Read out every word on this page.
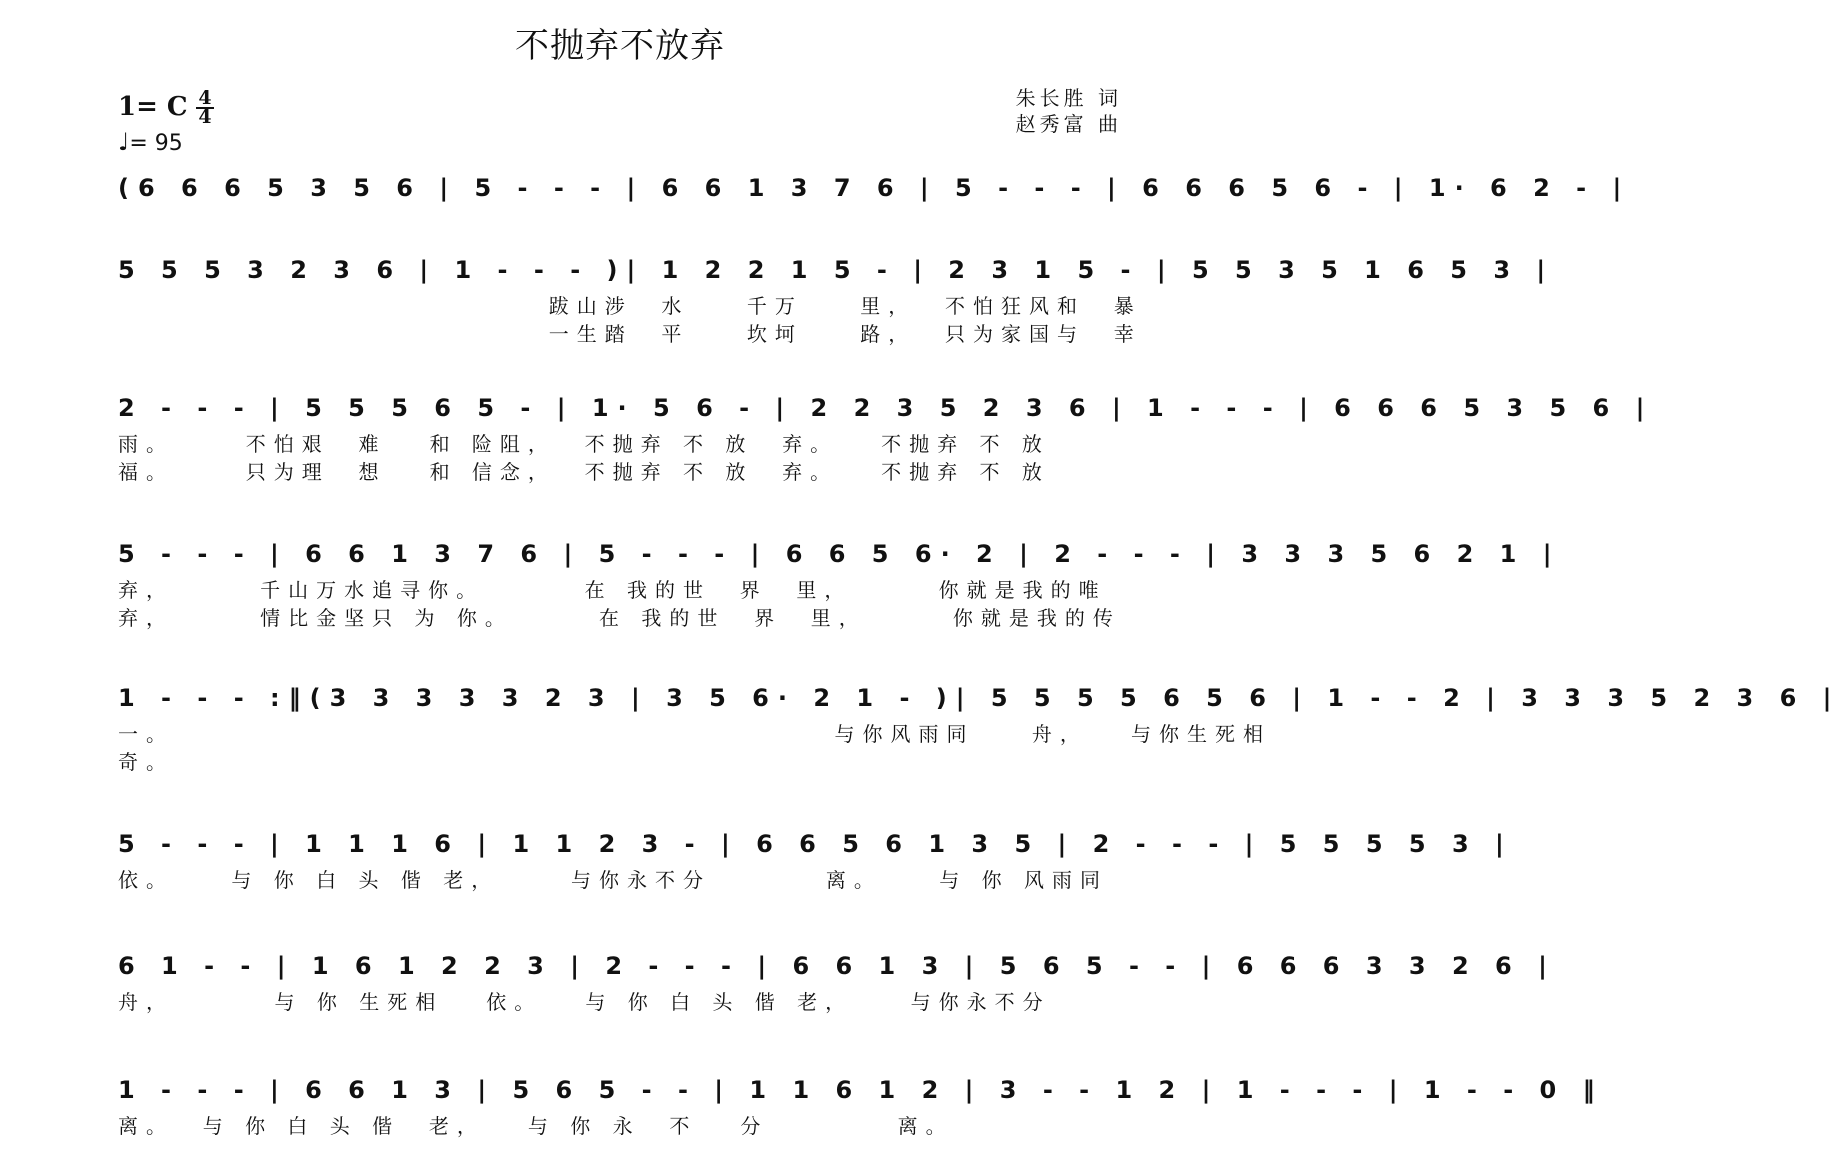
不抛弃不放弃
朱长胜 词
赵秀富 曲
1= C $\frac{4}{4}$
♩= 95
(6 6 6 5 3 5 6 | 5 - - - | 6 6 1 3 7 6 | 5 - - - | 6 6 6 5 6 - | 1· 6 2 - |
5 5 5 3 2 3 6 | 1 - - - )| 1 2 2 1 5 - | 2 3 1 5 - | 5 5 3 5 1 6 5 3 |
跋山涉  水    千万    里，  不怕狂风和  暴
一生踏  平    坎坷    路，  只为家国与  幸
2 - - - | 5 5 5 6 5 - | 1· 5 6 - | 2 2 3 5 2 3 6 | 1 - - - | 6 6 6 5 3 5 6 |
雨。     不怕艰  难   和 险阻，  不抛弃 不 放  弃。   不抛弃 不 放
福。     只为理  想   和 信念，  不抛弃 不 放  弃。   不抛弃 不 放
5 - - - | 6 6 1 3 7 6 | 5 - - - | 6 6 5 6· 2 | 2 - - - | 3 3 3 5 6 2 1 |
弃，      千山万水追寻你。       在 我的世  界  里，      你就是我的唯
弃，      情比金坚只 为 你。      在 我的世  界  里，      你就是我的传
1 - - - :‖(3 3 3 3 3 2 3 | 3 5 6· 2 1 - )| 5 5 5 5 6 5 6 | 1 - - 2 | 3 3 3 5 2 3 6 |
一。                                              与你风雨同    舟，   与你生死相
奇。
5 - - - | 1 1 1 6 | 1 1 2 3 - | 6 6 5 6 1 3 5 | 2 - - - | 5 5 5 5 3 |
依。    与 你 白 头 偕 老，     与你永不分        离。    与 你 风雨同
6 1 - - | 1 6 1 2 2 3 | 2 - - - | 6 6 1 3 | 5 6 5 - - | 6 6 6 3 3 2 6 |
舟，       与 你 生死相   依。   与 你 白 头 偕 老，    与你永不分
1 - - - | 6 6 1 3 | 5 6 5 - - | 1 1 6 1 2 | 3 - - 1 2 | 1 - - - | 1 - - 0 ‖
离。  与 你 白 头 偕  老，   与 你 永  不   分         离。
